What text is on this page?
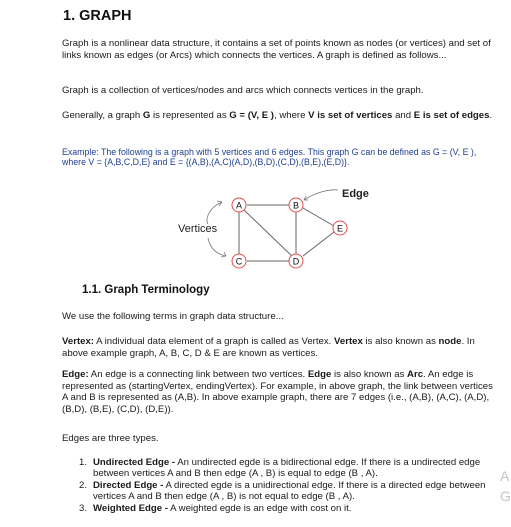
1. GRAPH
Graph is a nonlinear data structure, it contains a set of points known as nodes (or vertices) and set of links known as edges (or Arcs) which connects the vertices. A graph is defined as follows...
Graph is a collection of vertices/nodes and arcs which connects vertices in the graph.
Generally, a graph G is represented as G = (V, E ), where V is set of vertices and E is set of edges.
Example: The following is a graph with 5 vertices and 6 edges. This graph G can be defined as G = (V, E ), where V = {A,B,C,D,E} and E = {(A,B),(A,C)(A,D),(B,D),(C,D),(B,E),(E,D)}.
Vertices
Edge
A	B
C	D
E
1.1. Graph Terminology
We use the following terms in graph data structure...
Vertex: A individual data element of a graph is called as Vertex. Vertex is also known as node. In above example graph, A, B, C, D & E are known as vertices.
Edge: An edge is a connecting link between two vertices. Edge is also known as Arc. An edge is represented as (startingVertex, endingVertex). For example, in above graph, the link between vertices A and B is represented as (A,B). In above example graph, there are 7 edges (i.e., (A,B), (A,C), (A,D), (B,D), (B,E), (C,D), (D,E)).
Edges are three types.
1. Undirected Edge - An undirected egde is a bidirectional edge. If there is a undirected edge between vertices A and B then edge (A , B) is equal to edge (B , A).
2. Directed Edge - A directed egde is a unidirectional edge. If there is a directed edge between vertices A and B then edge (A , B) is not equal to edge (B , A).
3. Weighted Edge - A weighted egde is an edge with cost on it.
A
G
